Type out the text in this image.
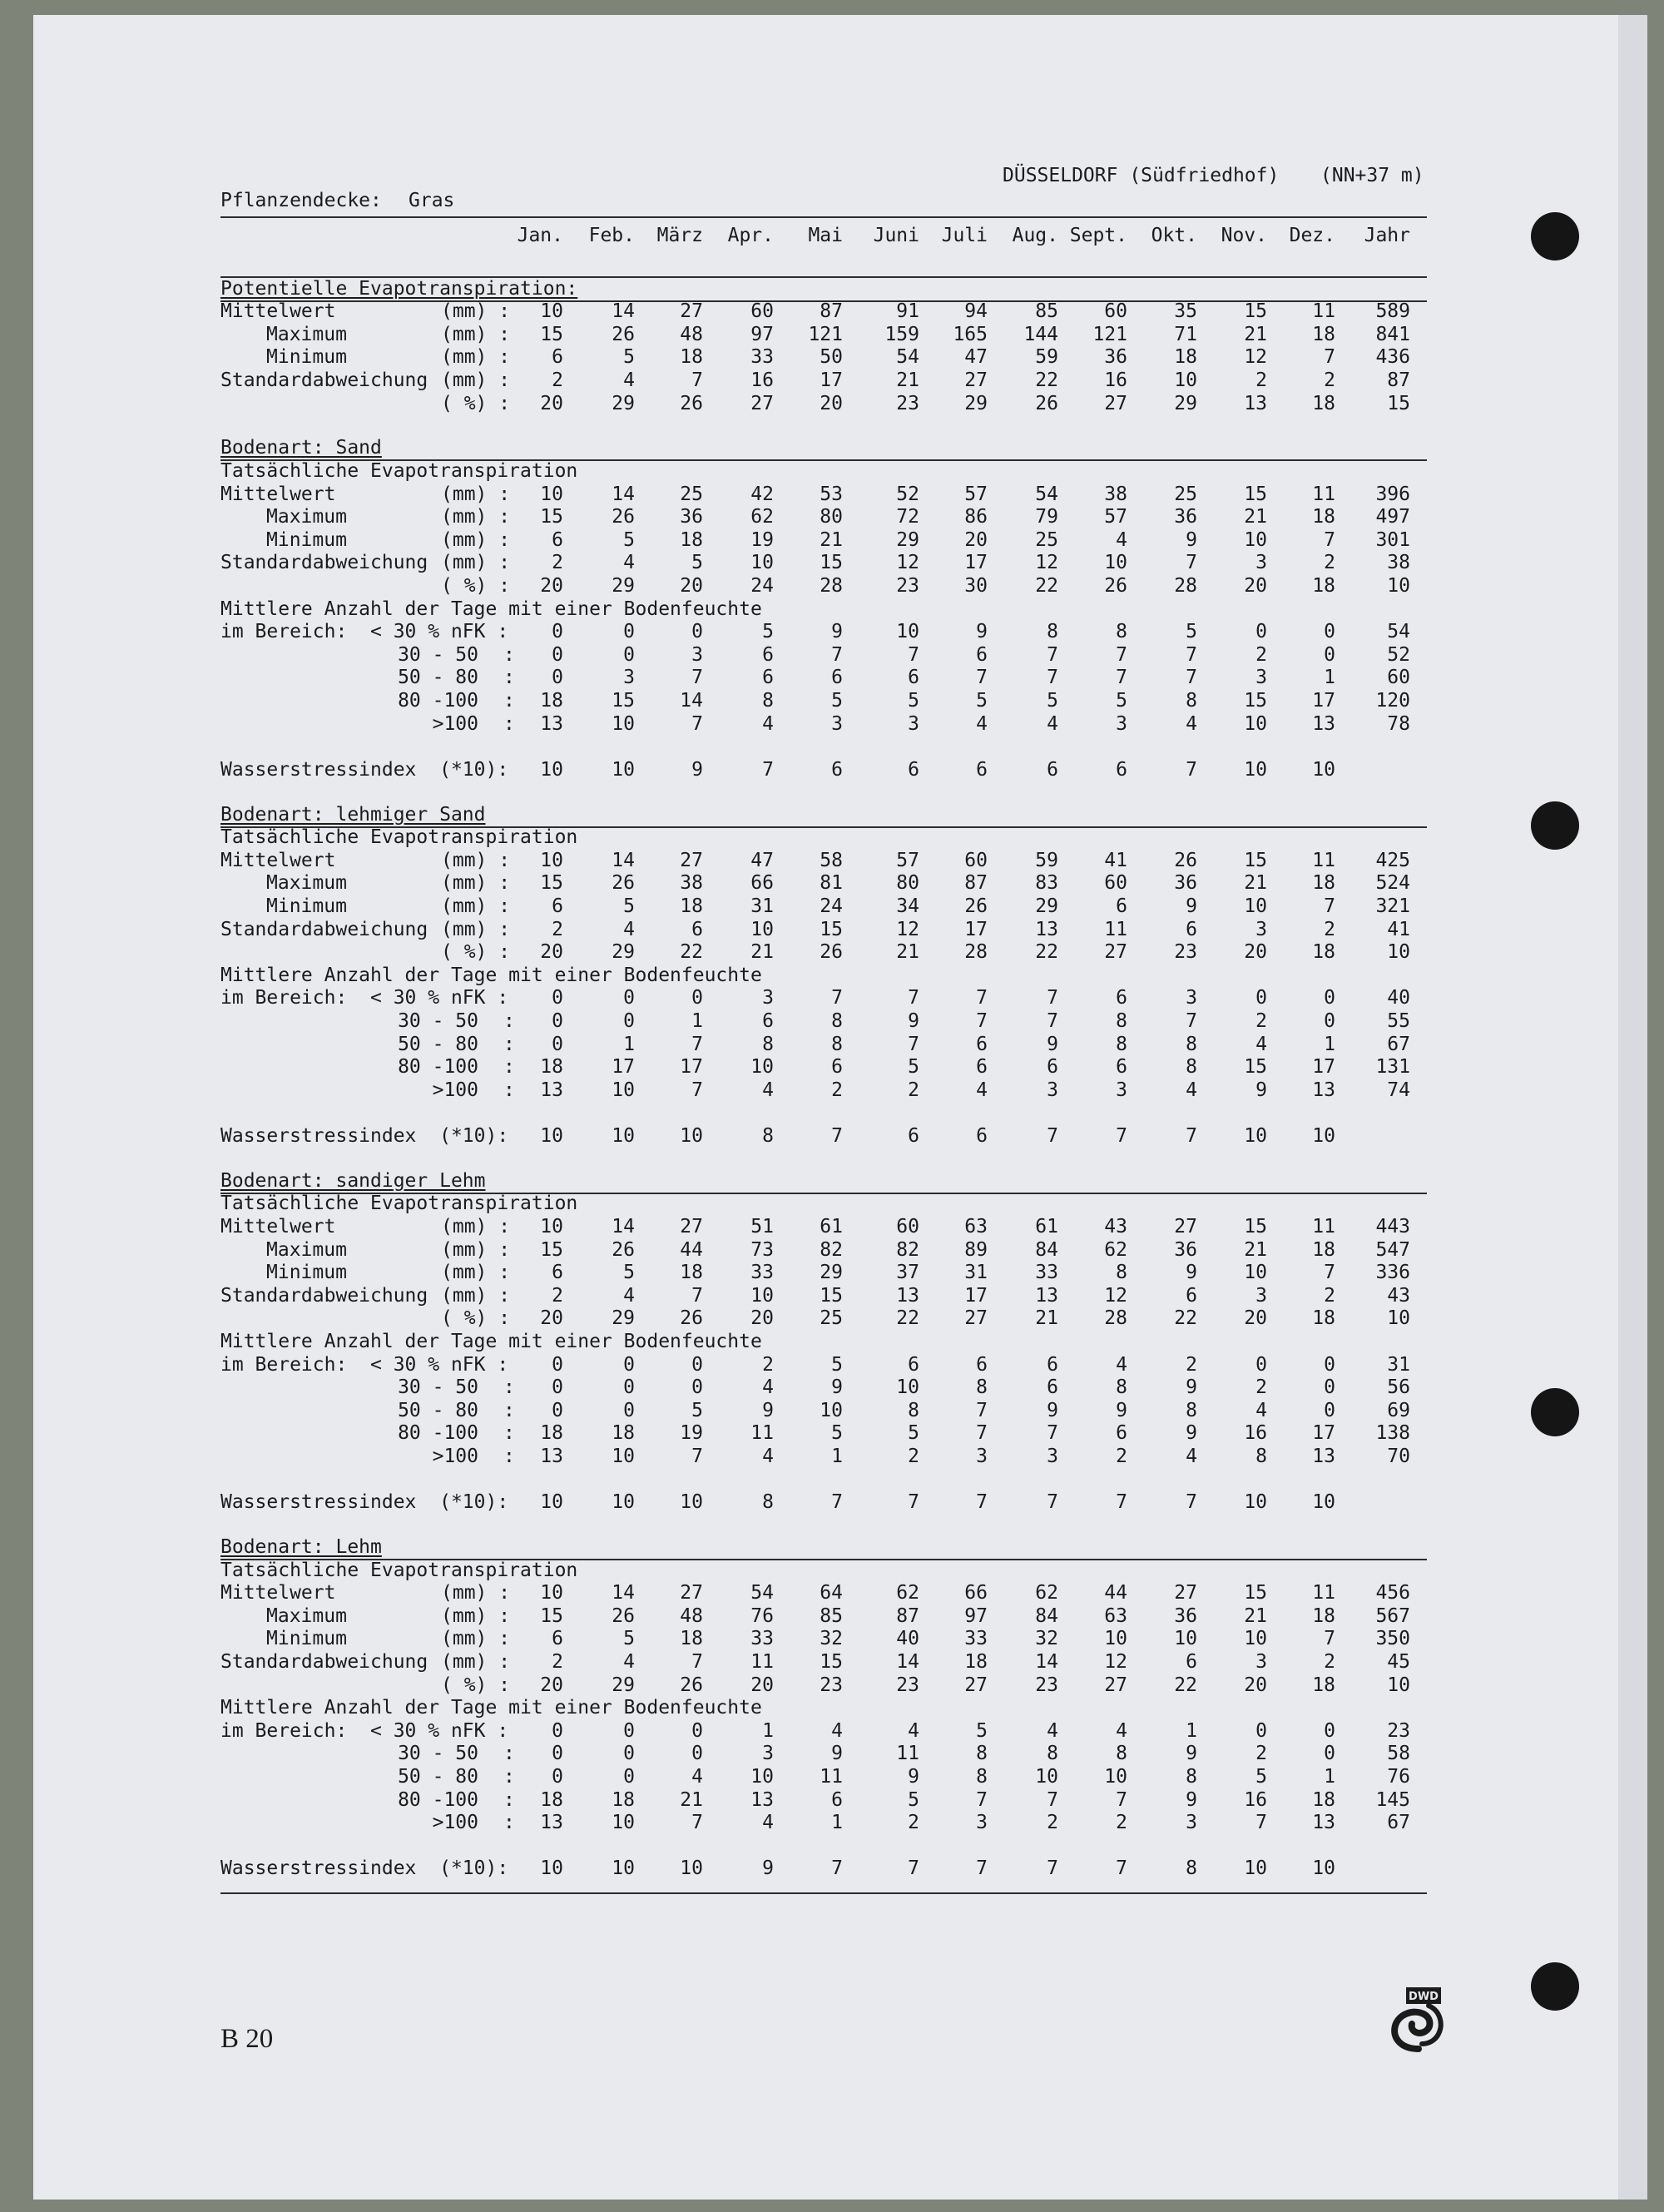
DÜSSELDORF (Südfriedhof) (NN+37 m)
Pflanzendecke: Gras
Jan.	Feb.	März	Apr.	Mai	Juni	Juli	Aug. Sept.	Okt.	Nov.	Dez.	Jahr
Potentielle Evapotranspiration:
Mittelwert	(mm) :	10	14	27	60	87	91	94	85	60	35	15	11	589
Maximum	(mm) :	15	26	48	97	121	159	165	144	121	71	21	18	841
Minimum	(mm) :	6	5	18	33	50	54	47	59	36	18	12	7	436
Standardabweichung (mm) :	2	4	7	16	17	21	27	22	16	10	2	2	87
( %) :	20	29	26	27	20	23	29	26	27	29	13	18	15
Bodenart: Sand
Tatsächliche Evapotranspiration
Mittelwert	(mm) :	10	14	25	42	53	52	57	54	38	25	15	11	396
Maximum	(mm) :	15	26	36	62	80	72	86	79	57	36	21	18	497
Minimum	(mm) :	6	5	18	19	21	29	20	25	4	9	10	7	301
Standardabweichung (mm) :	2	4	5	10	15	12	17	12	10	7	3	2	38
( %) :	20	29	20	24	28	23	30	22	26	28	20	18	10
Mittlere Anzahl der Tage mit einer Bodenfeuchte
im Bereich:  < 30 % nFK :	0	0	0	5	9	10	9	8	8	5	0	0	54
30 - 50 :	0	0	3	6	7	7	6	7	7	7	2	0	52
50 - 80 :	0	3	7	6	6	6	7	7	7	7	3	1	60
80 -100 :	18	15	14	8	5	5	5	5	5	8	15	17	120
>100 :	13	10	7	4	3	3	4	4	3	4	10	13	78
Wasserstressindex  (*10):	10	10	9	7	6	6	6	6	6	7	10	10
Bodenart: lehmiger Sand
Tatsächliche Evapotranspiration
Mittelwert	(mm) :	10	14	27	47	58	57	60	59	41	26	15	11	425
Maximum	(mm) :	15	26	38	66	81	80	87	83	60	36	21	18	524
Minimum	(mm) :	6	5	18	31	24	34	26	29	6	9	10	7	321
Standardabweichung (mm) :	2	4	6	10	15	12	17	13	11	6	3	2	41
( %) :	20	29	22	21	26	21	28	22	27	23	20	18	10
Mittlere Anzahl der Tage mit einer Bodenfeuchte
im Bereich:  < 30 % nFK :	0	0	0	3	7	7	7	7	6	3	0	0	40
30 - 50 :	0	0	1	6	8	9	7	7	8	7	2	0	55
50 - 80 :	0	1	7	8	8	7	6	9	8	8	4	1	67
80 -100 :	18	17	17	10	6	5	6	6	6	8	15	17	131
>100 :	13	10	7	4	2	2	4	3	3	4	9	13	74
Wasserstressindex  (*10):	10	10	10	8	7	6	6	7	7	7	10	10
Bodenart: sandiger Lehm
Tatsächliche Evapotranspiration
Mittelwert	(mm) :	10	14	27	51	61	60	63	61	43	27	15	11	443
Maximum	(mm) :	15	26	44	73	82	82	89	84	62	36	21	18	547
Minimum	(mm) :	6	5	18	33	29	37	31	33	8	9	10	7	336
Standardabweichung (mm) :	2	4	7	10	15	13	17	13	12	6	3	2	43
( %) :	20	29	26	20	25	22	27	21	28	22	20	18	10
Mittlere Anzahl der Tage mit einer Bodenfeuchte
im Bereich:  < 30 % nFK :	0	0	0	2	5	6	6	6	4	2	0	0	31
30 - 50 :	0	0	0	4	9	10	8	6	8	9	2	0	56
50 - 80 :	0	0	5	9	10	8	7	9	9	8	4	0	69
80 -100 :	18	18	19	11	5	5	7	7	6	9	16	17	138
>100 :	13	10	7	4	1	2	3	3	2	4	8	13	70
Wasserstressindex  (*10):	10	10	10	8	7	7	7	7	7	7	10	10
Bodenart: Lehm
Tatsächliche Evapotranspiration
Mittelwert	(mm) :	10	14	27	54	64	62	66	62	44	27	15	11	456
Maximum	(mm) :	15	26	48	76	85	87	97	84	63	36	21	18	567
Minimum	(mm) :	6	5	18	33	32	40	33	32	10	10	10	7	350
Standardabweichung (mm) :	2	4	7	11	15	14	18	14	12	6	3	2	45
( %) :	20	29	26	20	23	23	27	23	27	22	20	18	10
Mittlere Anzahl der Tage mit einer Bodenfeuchte
im Bereich:  < 30 % nFK :	0	0	0	1	4	4	5	4	4	1	0	0	23
30 - 50 :	0	0	0	3	9	11	8	8	8	9	2	0	58
50 - 80 :	0	0	4	10	11	9	8	10	10	8	5	1	76
80 -100 :	18	18	21	13	6	5	7	7	7	9	16	18	145
>100 :	13	10	7	4	1	2	3	2	2	3	7	13	67
Wasserstressindex  (*10):	10	10	10	9	7	7	7	7	7	8	10	10
B 20
DWD
